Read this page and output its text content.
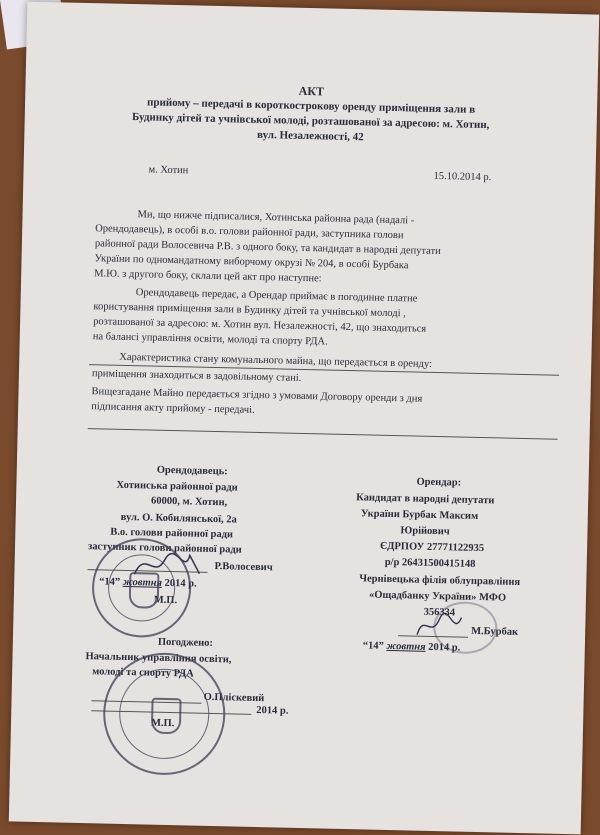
АКТ
прийому – передачі в короткострокову оренду приміщення зали в
Будинку дітей та учнівської молоді, розташованої за адресою: м. Хотин,
вул. Незалежності, 42
м. Хотин
15.10.2014 р.
Ми, що нижче підписалися, Хотинська районна рада (надалі -
Орендодавець), в особі в.о. голови районної ради, заступника голови
районної ради Волосевича Р.В. з одного боку, та кандидат в народні депутати
України по одномандатному виборчому окрузі № 204, в особі Бурбака
М.Ю. з другого боку, склали цей акт про наступне:
Орендодавець передає, а Орендар приймає в погодинне платне
користування приміщення зали в Будинку дітей та учнівської молоді ,
розташованої за адресою: м. Хотин вул. Незалежності, 42, що знаходиться
на балансі управління освіти, молоді та спорту РДА.
Характеристика стану комунального майна, що передається в оренду:
приміщення знаходиться в задовільному стані.
Вищезгадане Майно передається згідно з умовами Договору оренди з дня
підписання акту прийому - передачі.
Орендодавець:
Хотинська районної ради
60000, м. Хотин,
вул. О. Кобилянської, 2а
В.о. голови районної ради
заступник голови районної ради
Р.Волосевич
“14” жовтня 2014 р.
М.П.
Орендар:
Кандидат в народні депутати
України Бурбак Максим
Юрійович
ЄДРПОУ 27771122935
р/р 26431500415148
Чернівецька філія облуправління
«Ощадбанку України» МФО
356334
М.Бурбак
“14” жовтня 2014 р.
Погоджено:
Начальник управління освіти,
молоді та спорту РДА
О.Пліскевий
2014 р.
М.П.
